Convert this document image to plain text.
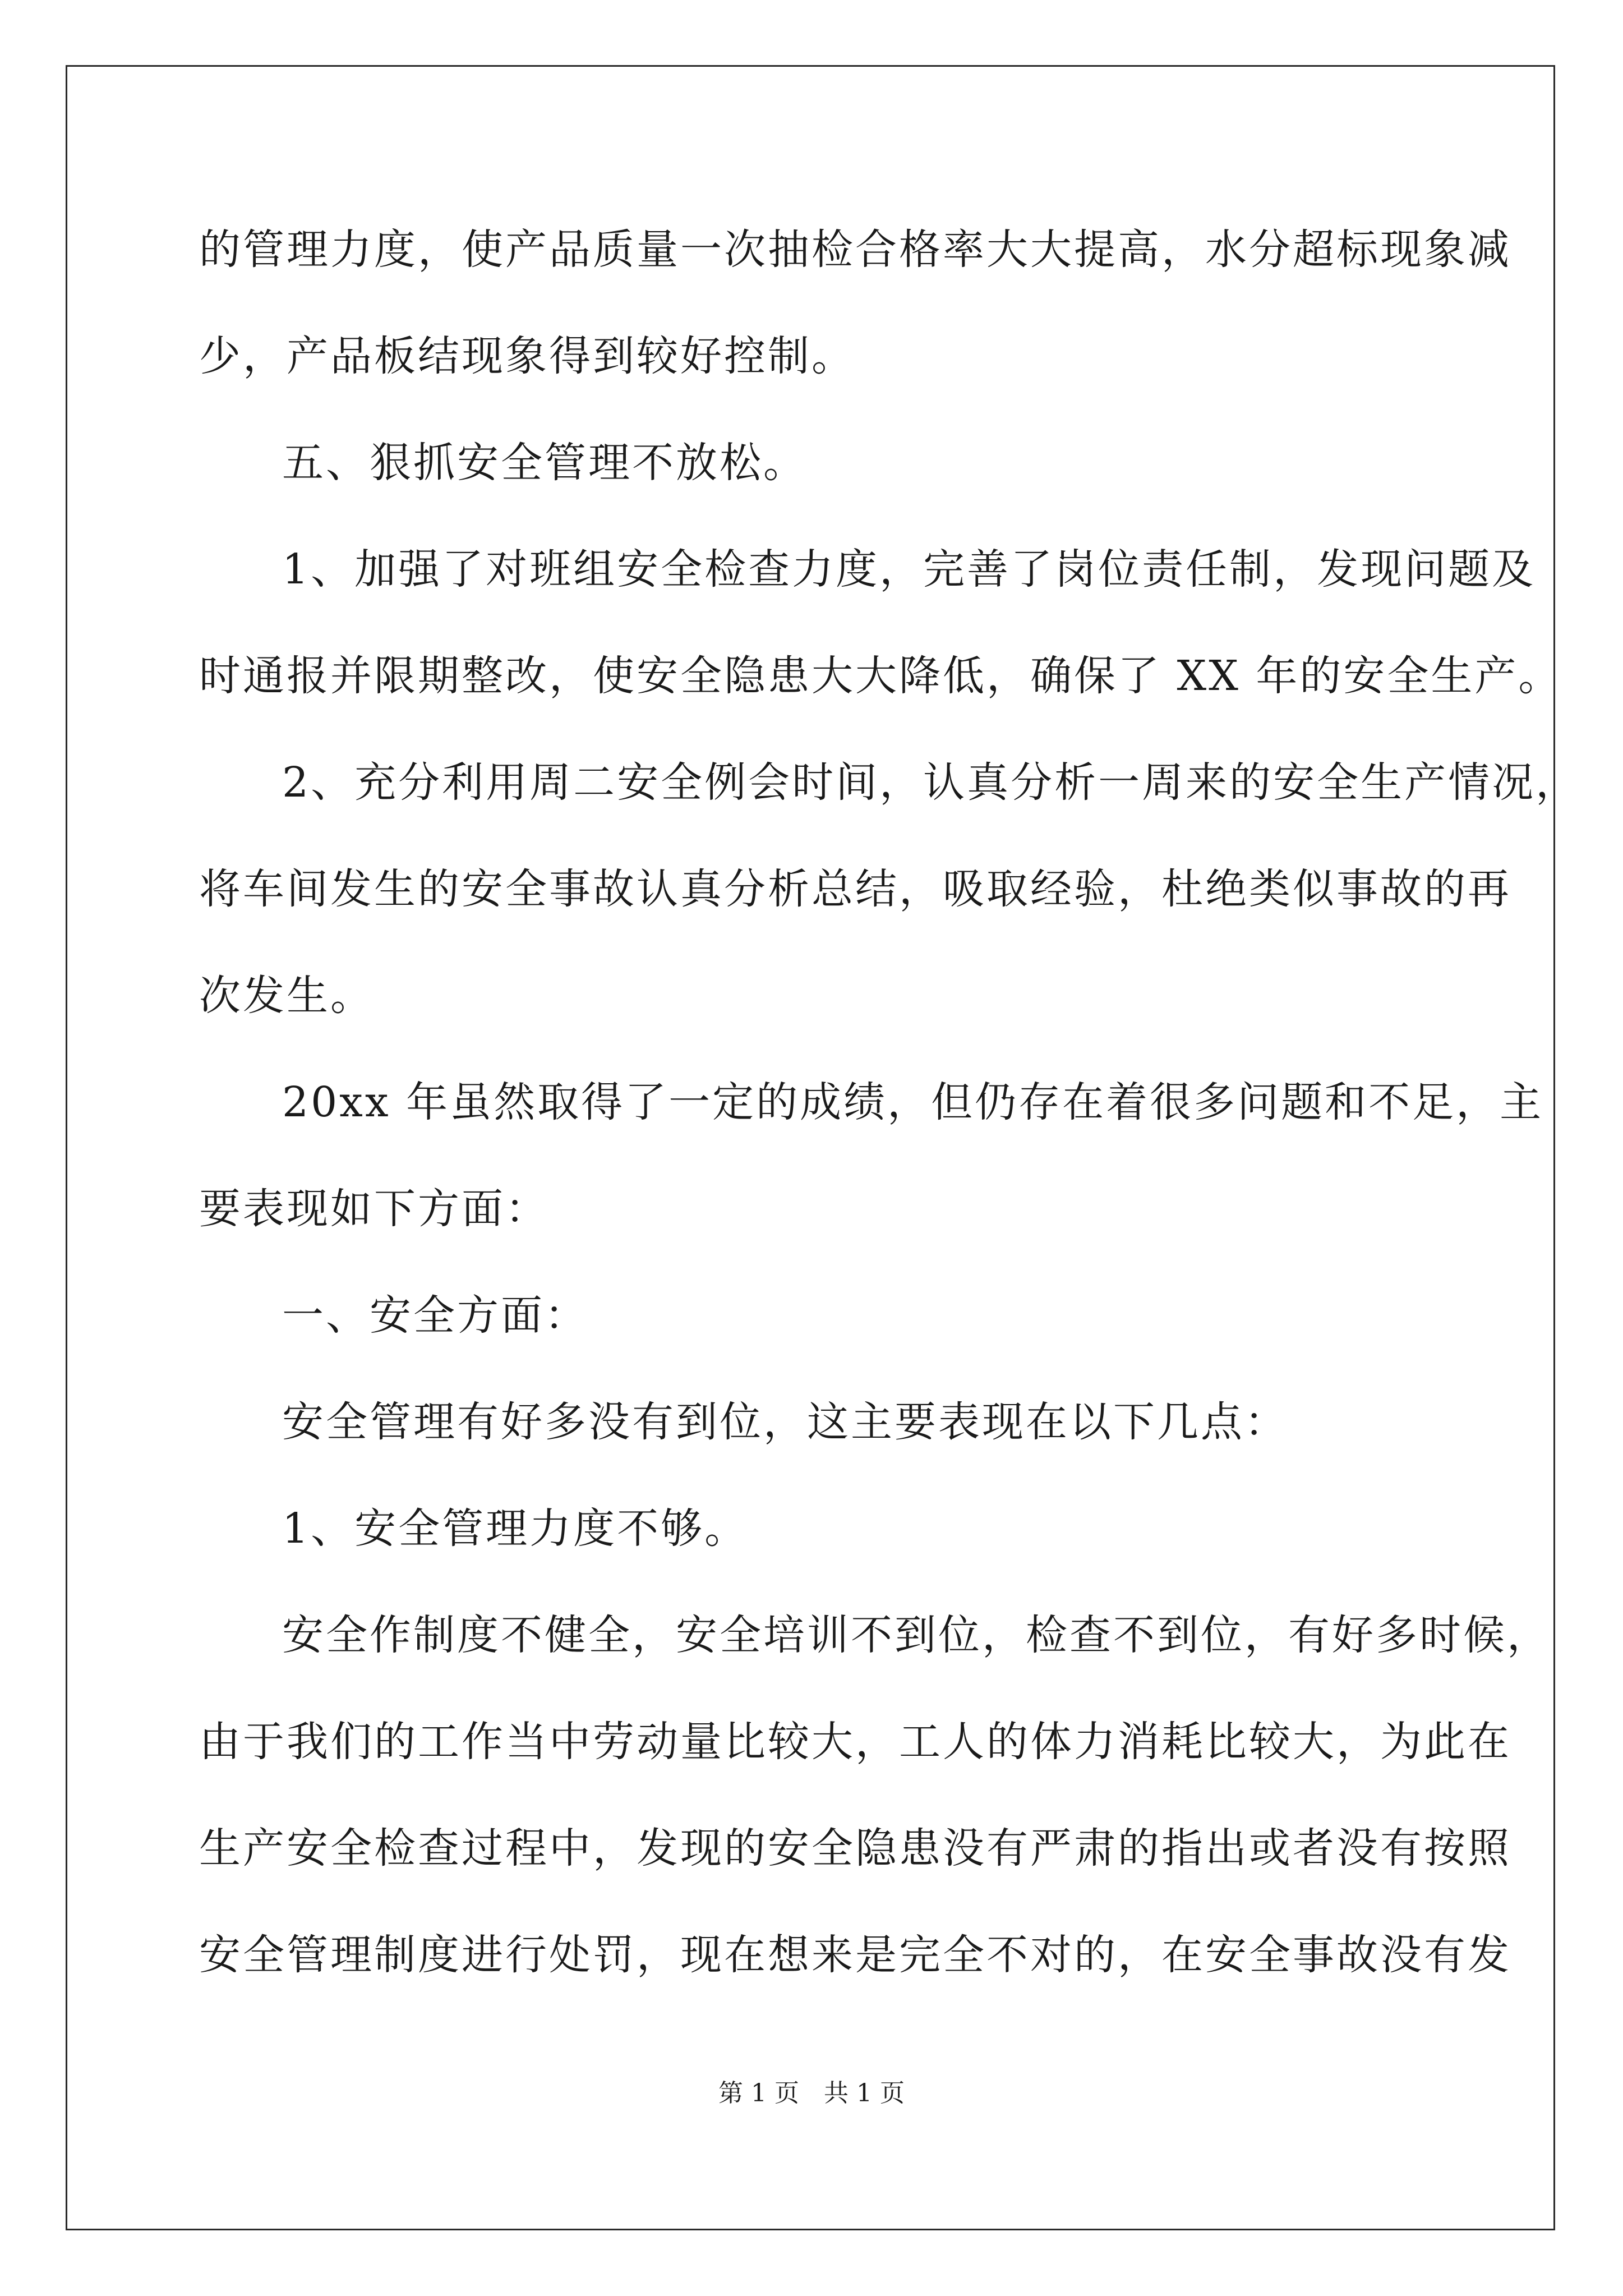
的管理力度，使产品质量一次抽检合格率大大提高，水分超标现象减
少，产品板结现象得到较好控制。
五、狠抓安全管理不放松。
1、加强了对班组安全检查力度，完善了岗位责任制，发现问题及
时通报并限期整改，使安全隐患大大降低，确保了 XX 年的安全生产。
2、充分利用周二安全例会时间，认真分析一周来的安全生产情况，
将车间发生的安全事故认真分析总结，吸取经验，杜绝类似事故的再
次发生。
20xx 年虽然取得了一定的成绩，但仍存在着很多问题和不足，主
要表现如下方面：
一、安全方面：
安全管理有好多没有到位，这主要表现在以下几点：
1、安全管理力度不够。
安全作制度不健全，安全培训不到位，检查不到位，有好多时候，
由于我们的工作当中劳动量比较大，工人的体力消耗比较大，为此在
生产安全检查过程中，发现的安全隐患没有严肃的指出或者没有按照
安全管理制度进行处罚，现在想来是完全不对的，在安全事故没有发
第 1 页　共 1 页
